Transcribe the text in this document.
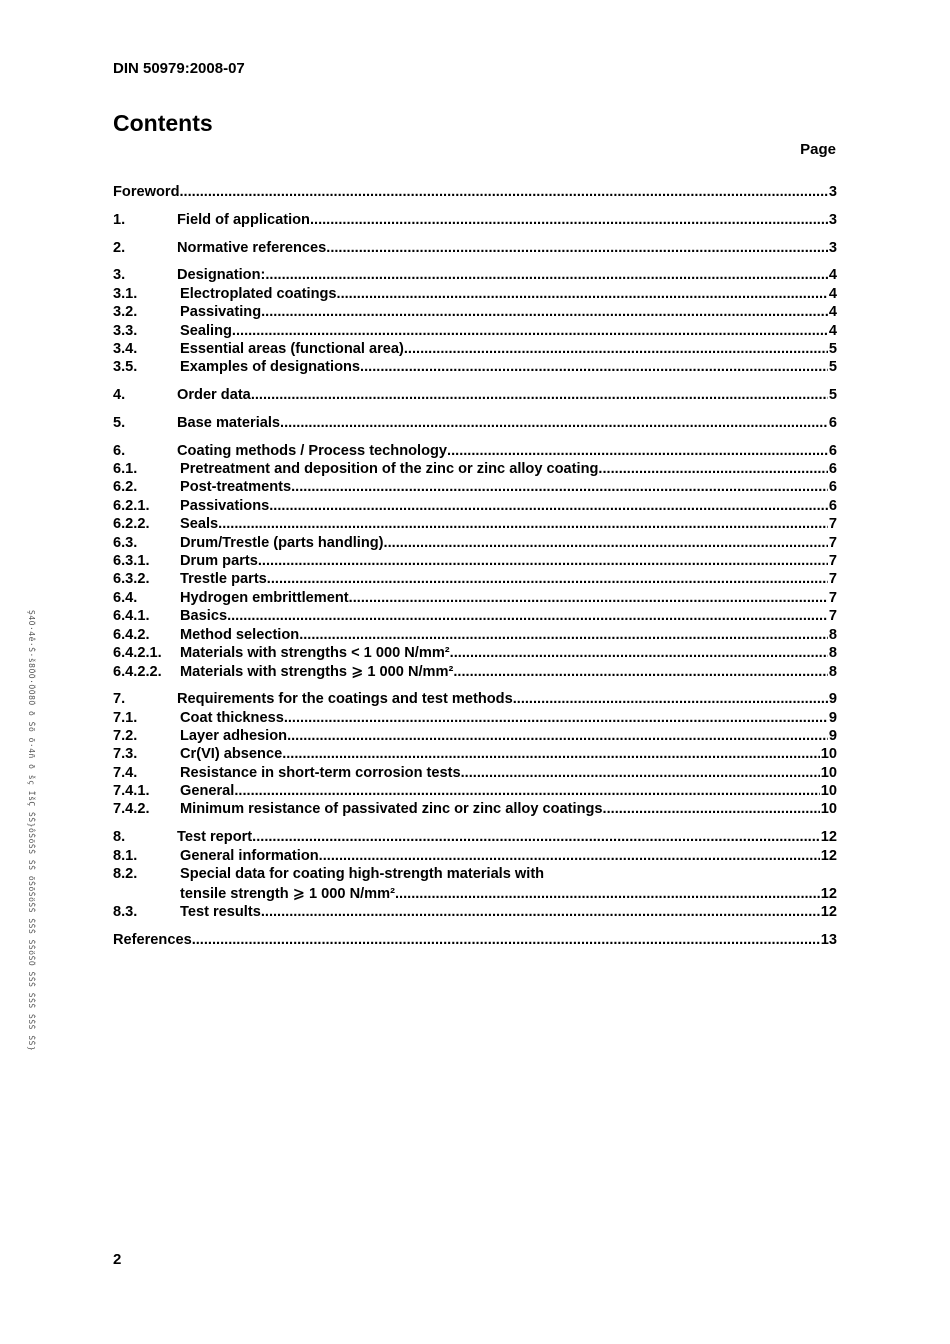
DIN 50979:2008-07
Contents
Page
Foreword .....	3
1.	Field of application .....	3
2.	Normative references .....	3
3.	Designation: .....	4
3.1.	Electroplated coatings .....	4
3.2.	Passivating .....	4
3.3.	Sealing .....	4
3.4.	Essential areas (functional area) .....	5
3.5.	Examples of designations .....	5
4.	Order data .....	5
5.	Base materials .....	6
6.	Coating methods / Process technology .....	6
6.1.	Pretreatment and deposition of the zinc or zinc alloy coating .....	6
6.2.	Post-treatments .....	6
6.2.1.	Passivations .....	6
6.2.2.	Seals .....	7
6.3.	Drum/Trestle (parts handling) .....	7
6.3.1.	Drum parts .....	7
6.3.2.	Trestle parts .....	7
6.4.	Hydrogen embrittlement .....	7
6.4.1.	Basics .....	7
6.4.2.	Method selection .....	8
6.4.2.1.	Materials with strengths < 1 000 N/mm² .....	8
6.4.2.2.	Materials with strengths ⩾ 1 000 N/mm² .....	8
7.	Requirements for the coatings and test methods .....	9
7.1.	Coat thickness .....	9
7.2.	Layer adhesion .....	9
7.3.	Cr(VI) absence .....	10
7.4.	Resistance in short-term corrosion tests .....	10
7.4.1.	General .....	10
7.4.2.	Minimum resistance of passivated zinc or zinc alloy coatings .....	10
8.	Test report .....	12
8.1.	General information .....	12
8.2.	Special data for coating high-strength materials with
tensile strength ⩾ 1 000 N/mm² .....	12
8.3.	Test results .....	12
References .....	13
2
Ş4Ö·4ê·Š·š8ÕÖ·ÕÖ8Ö ð Šõ õ·4ñ ð šç ÏšÇ ŠŠ}ôŠöŠŠ ŠŠ õŠõŠöŠŠ ŠŠŠ ŠŠöŠÔ ŠŠŠ ŠŠŠ ŠŠŠ ŠŠ}
